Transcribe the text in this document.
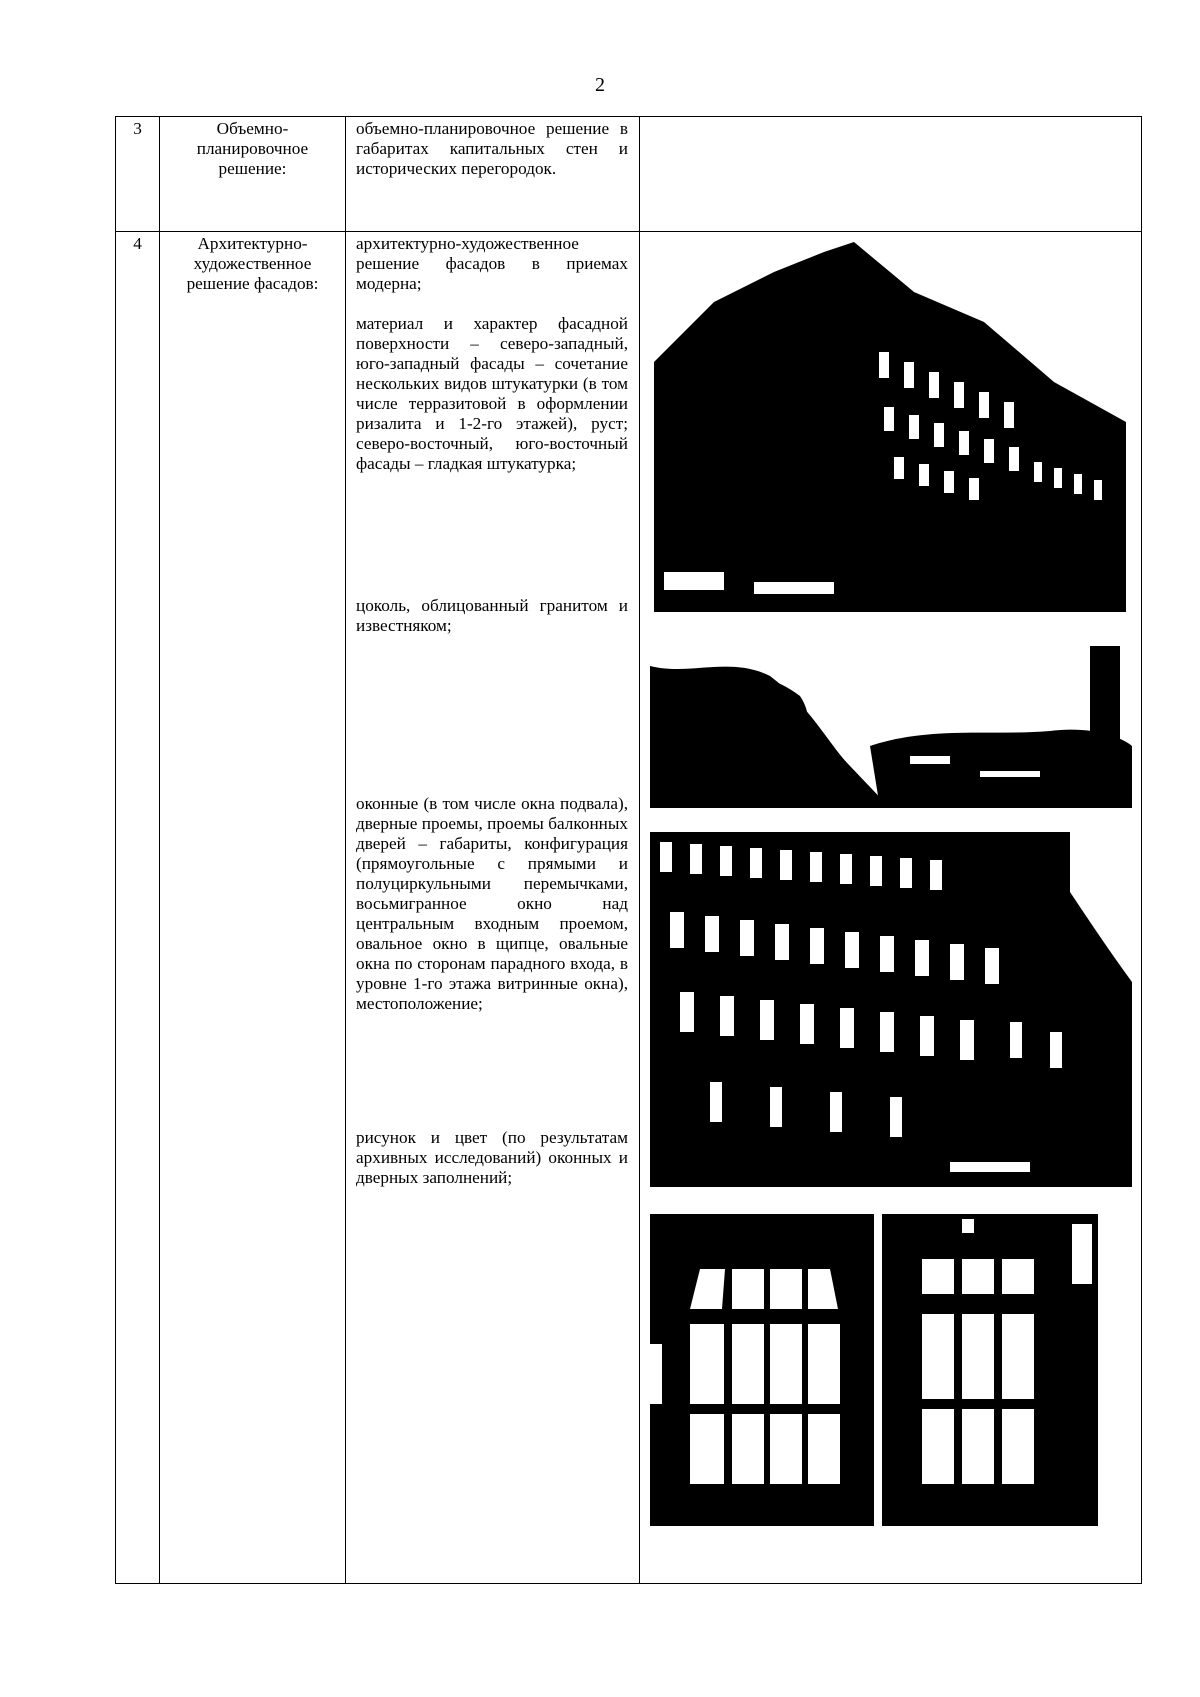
2
3	Объемно-планировочное решение:	объемно-планировочное решение в габаритах капитальных стен и исторических перегородок.	

4	Архитектурно-художественное решение фасадов:	архитектурно-художественное решение фасадов в приемах модерна;

материал и характер фасадной поверхности – северо-западный, юго-западный фасады – сочетание нескольких видов штукатурки (в том числе терразитовой в оформлении ризалита и 1-2-го этажей), руст; северо-восточный, юго-восточный фасады – гладкая штукатурка;

цоколь, облицованный гранитом и известняком;

оконные (в том числе окна подвала), дверные проемы, проемы балконных дверей – габариты, конфигурация (прямоугольные с прямыми и полуциркульными перемычками, восьмигранное окно над центральным входным проемом, овальное окно в щипце, овальные окна по сторонам парадного входа, в уровне 1-го этажа витринные окна), местоположение;

рисунок и цвет (по результатам архивных исследований) оконных и дверных заполнений;
